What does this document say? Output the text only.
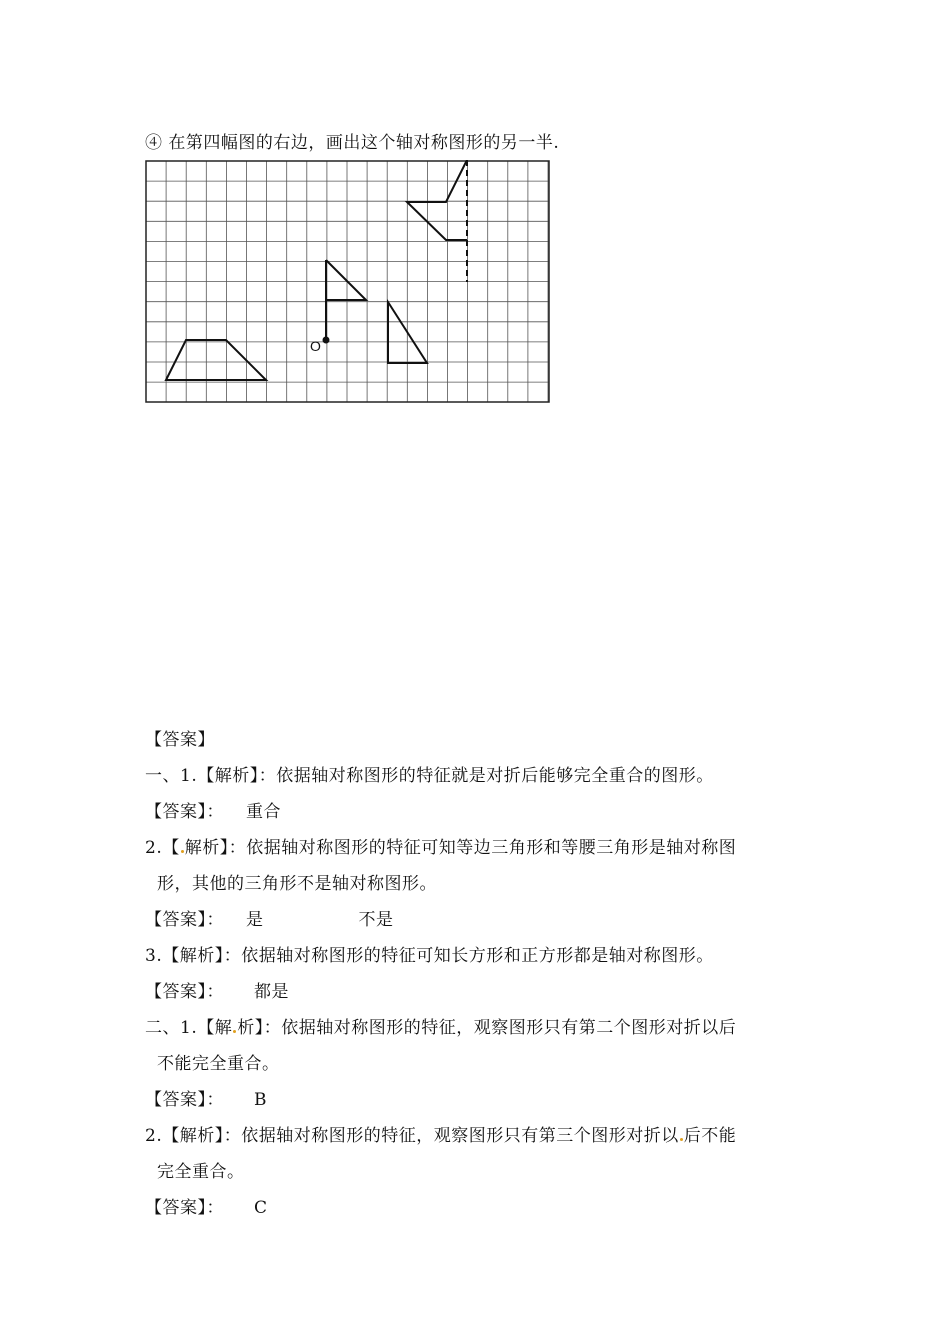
④ 在第四幅图的右边，画出这个轴对称图形的另一半.
O
【答案】
一、1.【解析】：依据轴对称图形的特征就是对折后能够完全重合的图形。
【答案】： 重合
2.【 解析】：依据轴对称图形的特征可知等边三角形和等腰三角形是轴对称图
形，其他的三角形不是轴对称图形。
【答案】： 是	不是
3.【解析】：依据轴对称图形的特征可知长方形和正方形都是轴对称图形。
【答案】： 都是
二、1.【解 析】：依据轴对称图形的特征，观察图形只有第二个图形对折以后
不能完全重合。
【答案】： B
2.【解析】：依据轴对称图形的特征，观察图形只有第三个图形对折以 后不能
完全重合。
【答案】： C
